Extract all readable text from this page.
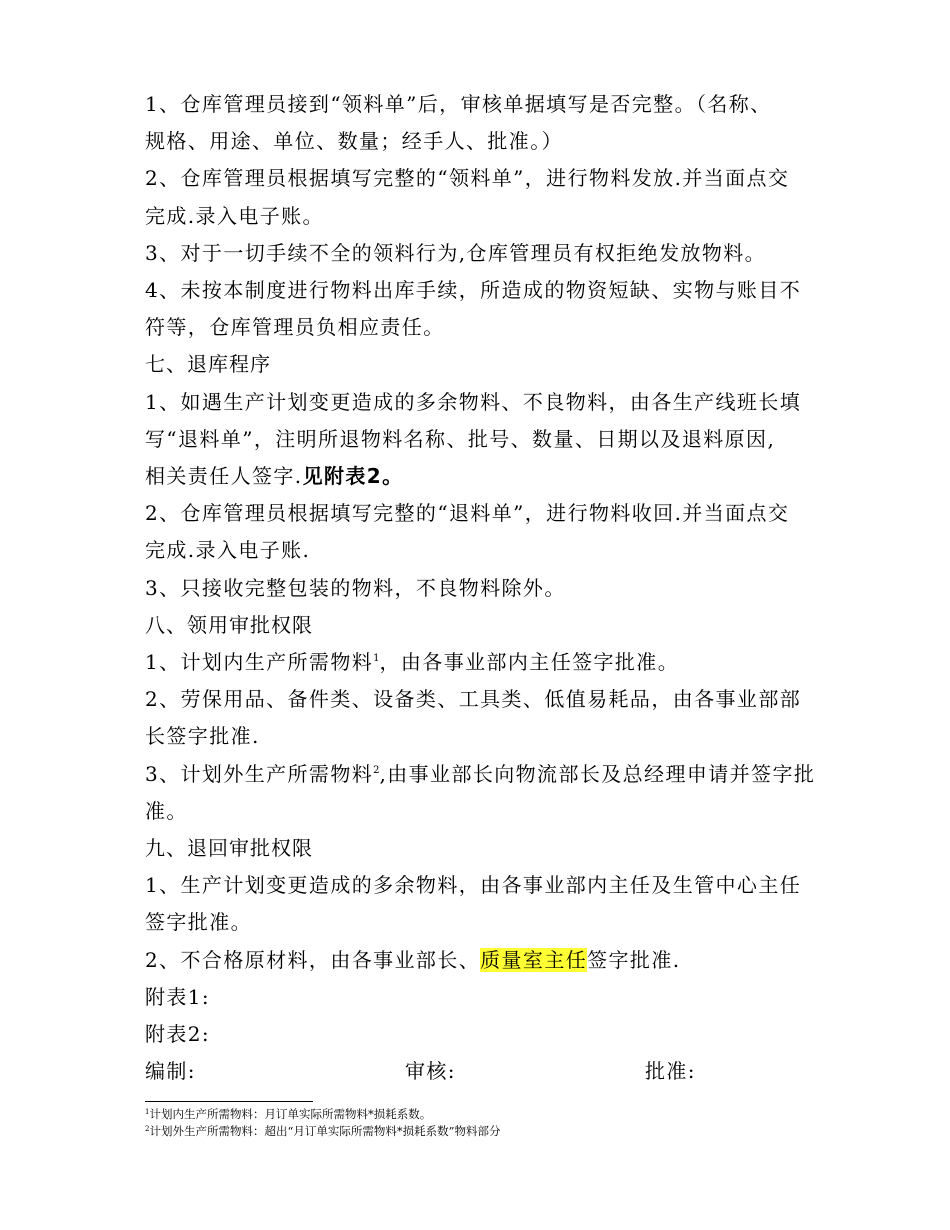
1、仓库管理员接到“领料单”后，审核单据填写是否完整。（名称、
规格、用途、单位、数量；经手人、批准。）
2、仓库管理员根据填写完整的“领料单”，进行物料发放.并当面点交
完成.录入电子账。
3、对于一切手续不全的领料行为,仓库管理员有权拒绝发放物料。
4、未按本制度进行物料出库手续，所造成的物资短缺、实物与账目不
符等，仓库管理员负相应责任。
七、退库程序
1、如遇生产计划变更造成的多余物料、不良物料，由各生产线班长填
写“退料单”，注明所退物料名称、批号、数量、日期以及退料原因,
相关责任人签字.见附表2。
2、仓库管理员根据填写完整的“退料单”，进行物料收回.并当面点交
完成.录入电子账.
3、只接收完整包装的物料，不良物料除外。
八、领用审批权限
1、计划内生产所需物料$^1$，由各事业部内主任签字批准。
2、劳保用品、备件类、设备类、工具类、低值易耗品，由各事业部部
长签字批准.
3、计划外生产所需物料$^2$,由事业部长向物流部长及总经理申请并签字批
准。
九、退回审批权限
1、生产计划变更造成的多余物料，由各事业部内主任及生管中心主任
签字批准。
2、不合格原材料，由各事业部长、质量室主任签字批准.
附表1:
附表2:
编制:	审核:	批准:
$^1$计划内生产所需物料：月订单实际所需物料*损耗系数。
$^2$计划外生产所需物料：超出“月订单实际所需物料*损耗系数”物料部分
